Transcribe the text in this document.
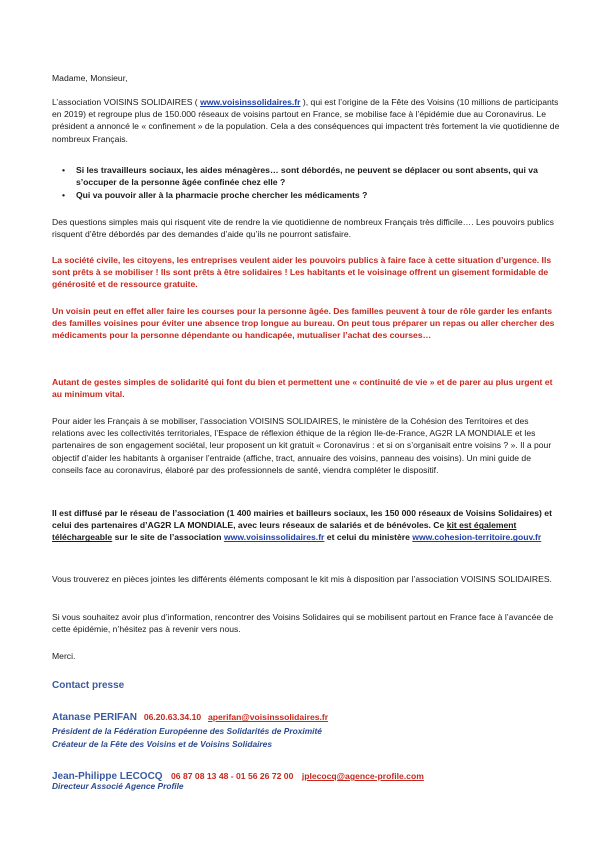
Madame, Monsieur,

L’association VOISINS SOLIDAIRES ( www.voisinssolidaires.fr ), qui est l’origine de la Fête des Voisins (10 millions de participants en 2019) et regroupe plus de 150.000 réseaux de voisins partout en France, se mobilise face à l’épidémie due au Coronavirus. Le président a annoncé le « confinement » de la population. Cela a des conséquences qui impactent très fortement la vie quotidienne de nombreux Français.

• Si les travailleurs sociaux, les aides ménagères… sont débordés, ne peuvent se déplacer ou sont absents, qui va s’occuper de la personne âgée confinée chez elle ?
• Qui va pouvoir aller à la pharmacie proche chercher les médicaments ?

Des questions simples mais qui risquent vite de rendre la vie quotidienne de nombreux Français très difficile…. Les pouvoirs publics risquent d’être débordés par des demandes d’aide qu’ils ne pourront satisfaire.

La société civile, les citoyens, les entreprises veulent aider les pouvoirs publics à faire face à cette situation d’urgence. Ils sont prêts à se mobiliser ! Ils sont prêts à être solidaires ! Les habitants et le voisinage offrent un gisement formidable de générosité et de ressource gratuite.

Un voisin peut en effet aller faire les courses pour la personne âgée. Des familles peuvent à tour de rôle garder les enfants des familles voisines pour éviter une absence trop longue au bureau. On peut tous préparer un repas ou aller chercher des médicaments pour la personne dépendante ou handicapée, mutualiser l’achat des courses…

Autant de gestes simples de solidarité qui font du bien et permettent une « continuité de vie » et de parer au plus urgent et au minimum vital.

Pour aider les Français à se mobiliser, l’association VOISINS SOLIDAIRES, le ministère de la Cohésion des Territoires et des relations avec les collectivités territoriales, l’Espace de réflexion éthique de la région Ile-de-France, AG2R LA MONDIALE et les partenaires de son engagement sociétal, leur proposent un kit gratuit « Coronavirus : et si on s’organisait entre voisins ? ». Il a pour objectif d’aider les habitants à organiser l’entraide (affiche, tract, annuaire des voisins, panneau des voisins). Un mini guide de conseils face au coronavirus, élaboré par des professionnels de santé, viendra compléter le dispositif.

Il est diffusé par le réseau de l’association (1 400 mairies et bailleurs sociaux, les 150 000 réseaux de Voisins Solidaires) et celui des partenaires d’AG2R LA MONDIALE, avec leurs réseaux de salariés et de bénévoles. Ce kit est également téléchargeable sur le site de l’association www.voisinssolidaires.fr et celui du ministère www.cohesion-territoire.gouv.fr

Vous trouverez en pièces jointes les différents éléments composant le kit mis à disposition par l’association VOISINS SOLIDAIRES.

Si vous souhaitez avoir plus d’information, rencontrer des Voisins Solidaires qui se mobilisent partout en France face à l’avancée de cette épidémie, n’hésitez pas à revenir vers nous.

Merci.

Contact presse
Atanase PERIFAN 06.20.63.34.10 aperifan@voisinssolidaires.fr
Président de la Fédération Européenne des Solidarités de Proximité
Créateur de la Fête des Voisins et de Voisins Solidaires
Jean-Philippe LECOCQ 06 87 08 13 48 - 01 56 26 72 00 jplecocq@agence-profile.com
Directeur Associé Agence Profile
